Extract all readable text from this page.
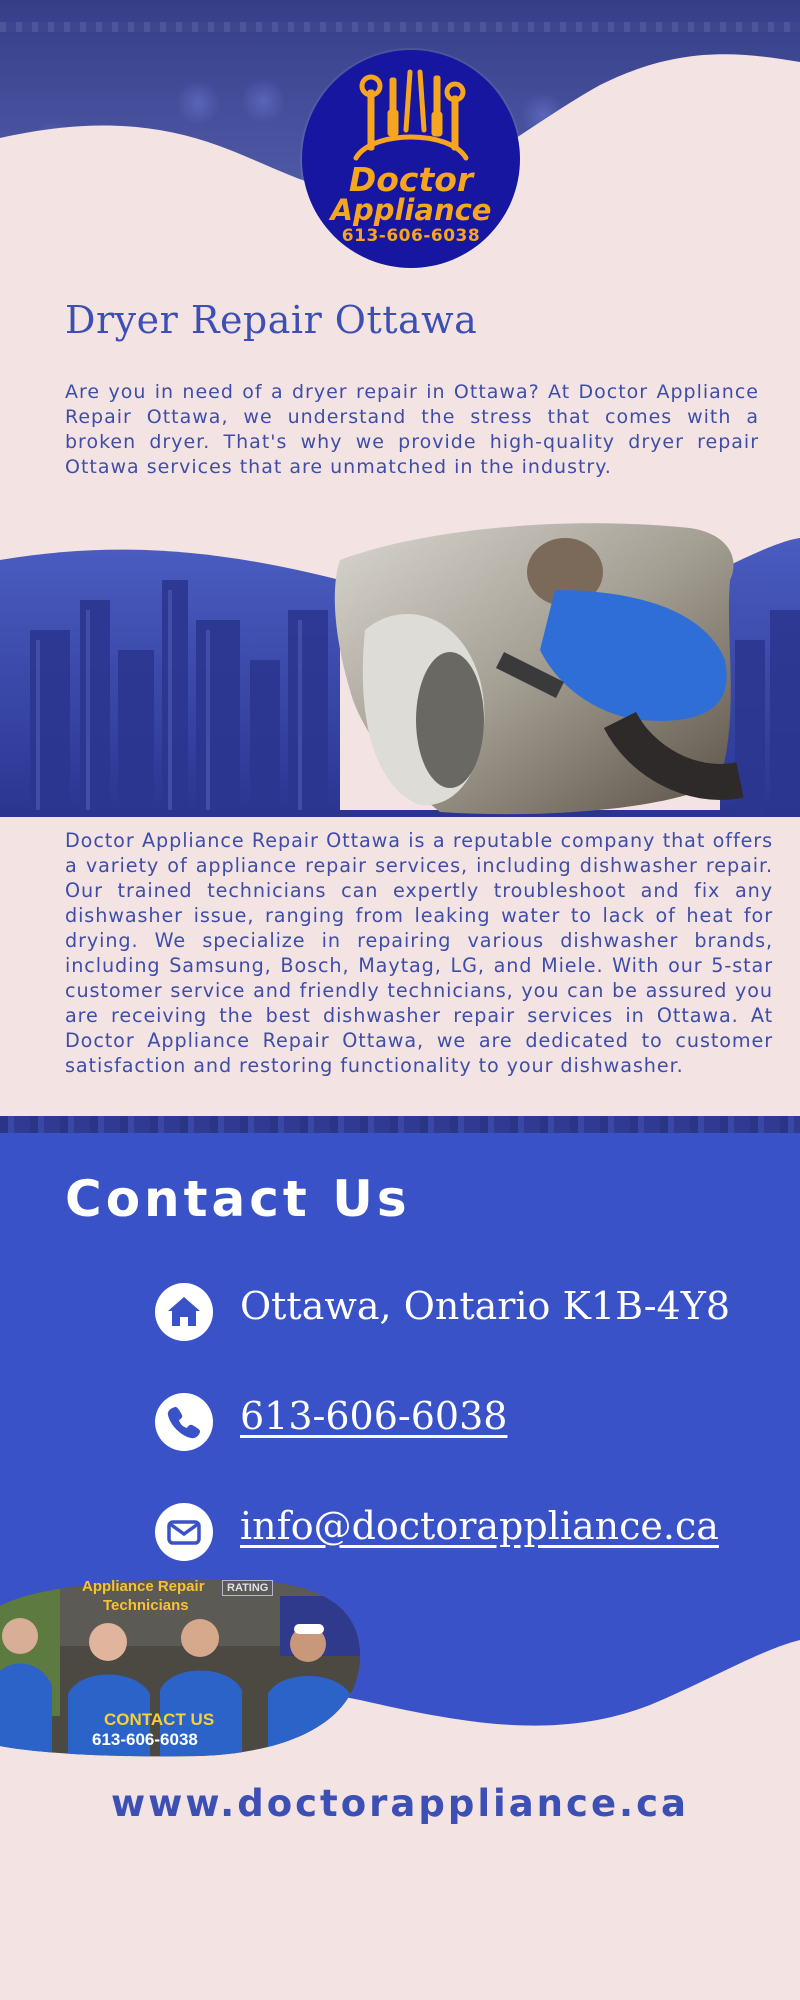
Doctor
Appliance
613-606-6038
Dryer Repair Ottawa

Are you in need of a dryer repair in Ottawa? At Doctor Appliance Repair Ottawa, we understand the stress that comes with a broken dryer. That's why we provide high-quality dryer repair Ottawa services that are unmatched in the industry.

Doctor Appliance Repair Ottawa is a reputable company that offers a variety of appliance repair services, including dishwasher repair. Our trained technicians can expertly troubleshoot and fix any dishwasher issue, ranging from leaking water to lack of heat for drying. We specialize in repairing various dishwasher brands, including Samsung, Bosch, Maytag, LG, and Miele. With our 5-star customer service and friendly technicians, you can be assured you are receiving the best dishwasher repair services in Ottawa. At Doctor Appliance Repair Ottawa, we are dedicated to customer satisfaction and restoring functionality to your dishwasher.

Contact Us
Ottawa, Ontario K1B-4Y8
613-606-6038
info@doctorappliance.ca
Appliance Repair
Technicians
RATING
CONTACT US
613-606-6038

www.doctorappliance.ca
